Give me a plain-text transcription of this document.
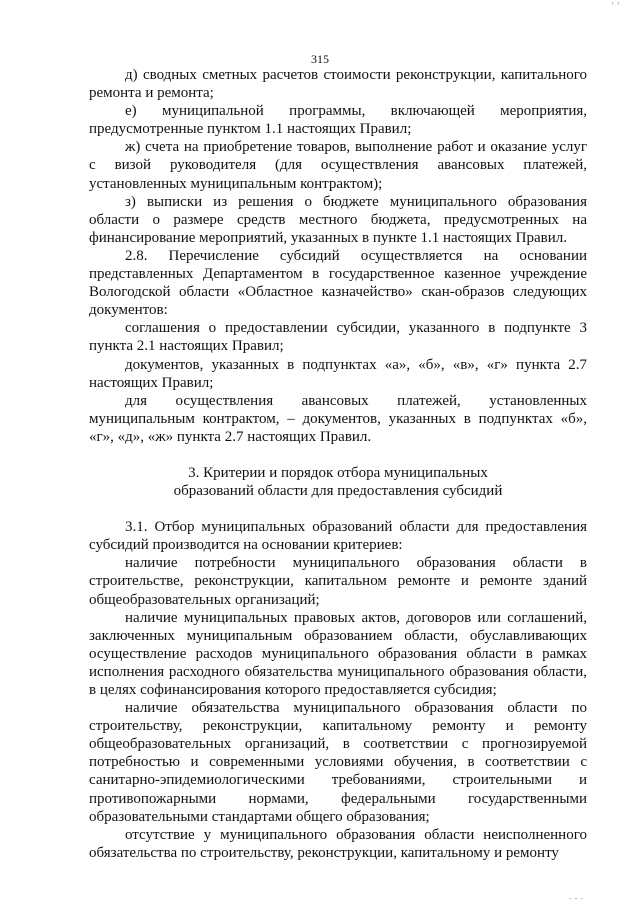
' '
315

д) сводных сметных расчетов стоимости реконструкции, капитального ремонта и ремонта;

е) муниципальной программы, включающей мероприятия, предусмотренные пунктом 1.1 настоящих Правил;

ж) счета на приобретение товаров, выполнение работ и оказание услуг с визой руководителя (для осуществления авансовых платежей, установленных муниципальным контрактом);

з) выписки из решения о бюджете муниципального образования области о размере средств местного бюджета, предусмотренных на финансирование мероприятий, указанных в пункте 1.1 настоящих Правил.

2.8. Перечисление субсидий осуществляется на основании представленных Департаментом в государственное казенное учреждение Вологодской области «Областное казначейство» скан-образов следующих документов:

соглашения о предоставлении субсидии, указанного в подпункте 3 пункта 2.1 настоящих Правил;

документов, указанных в подпунктах «а», «б», «в», «г» пункта 2.7 настоящих Правил;

для осуществления авансовых платежей, установленных муниципальным контрактом, – документов, указанных в подпунктах «б», «г», «д», «ж» пункта 2.7 настоящих Правил.

3. Критерии и порядок отбора муниципальных
образований области для предоставления субсидий

3.1. Отбор муниципальных образований области для предоставления субсидий производится на основании критериев:

наличие потребности муниципального образования области в строительстве, реконструкции, капитальном ремонте и ремонте зданий общеобразовательных организаций;

наличие муниципальных правовых актов, договоров или соглашений, заключенных муниципальным образованием области, обуславливающих осуществление расходов муниципального образования области в рамках исполнения расходного обязательства муниципального образования области, в целях софинансирования которого предоставляется субсидия;

наличие обязательства муниципального образования области по строительству, реконструкции, капитальному ремонту и ремонту общеобразовательных организаций, в соответствии с прогнозируемой потребностью и современными условиями обучения, в соответствии с санитарно-эпидемиологическими требованиями, строительными и противопожарными нормами, федеральными государственными образовательными стандартами общего образования;

отсутствие у муниципального образования области неисполненного обязательства по строительству, реконструкции, капитальному и ремонту

. . .
